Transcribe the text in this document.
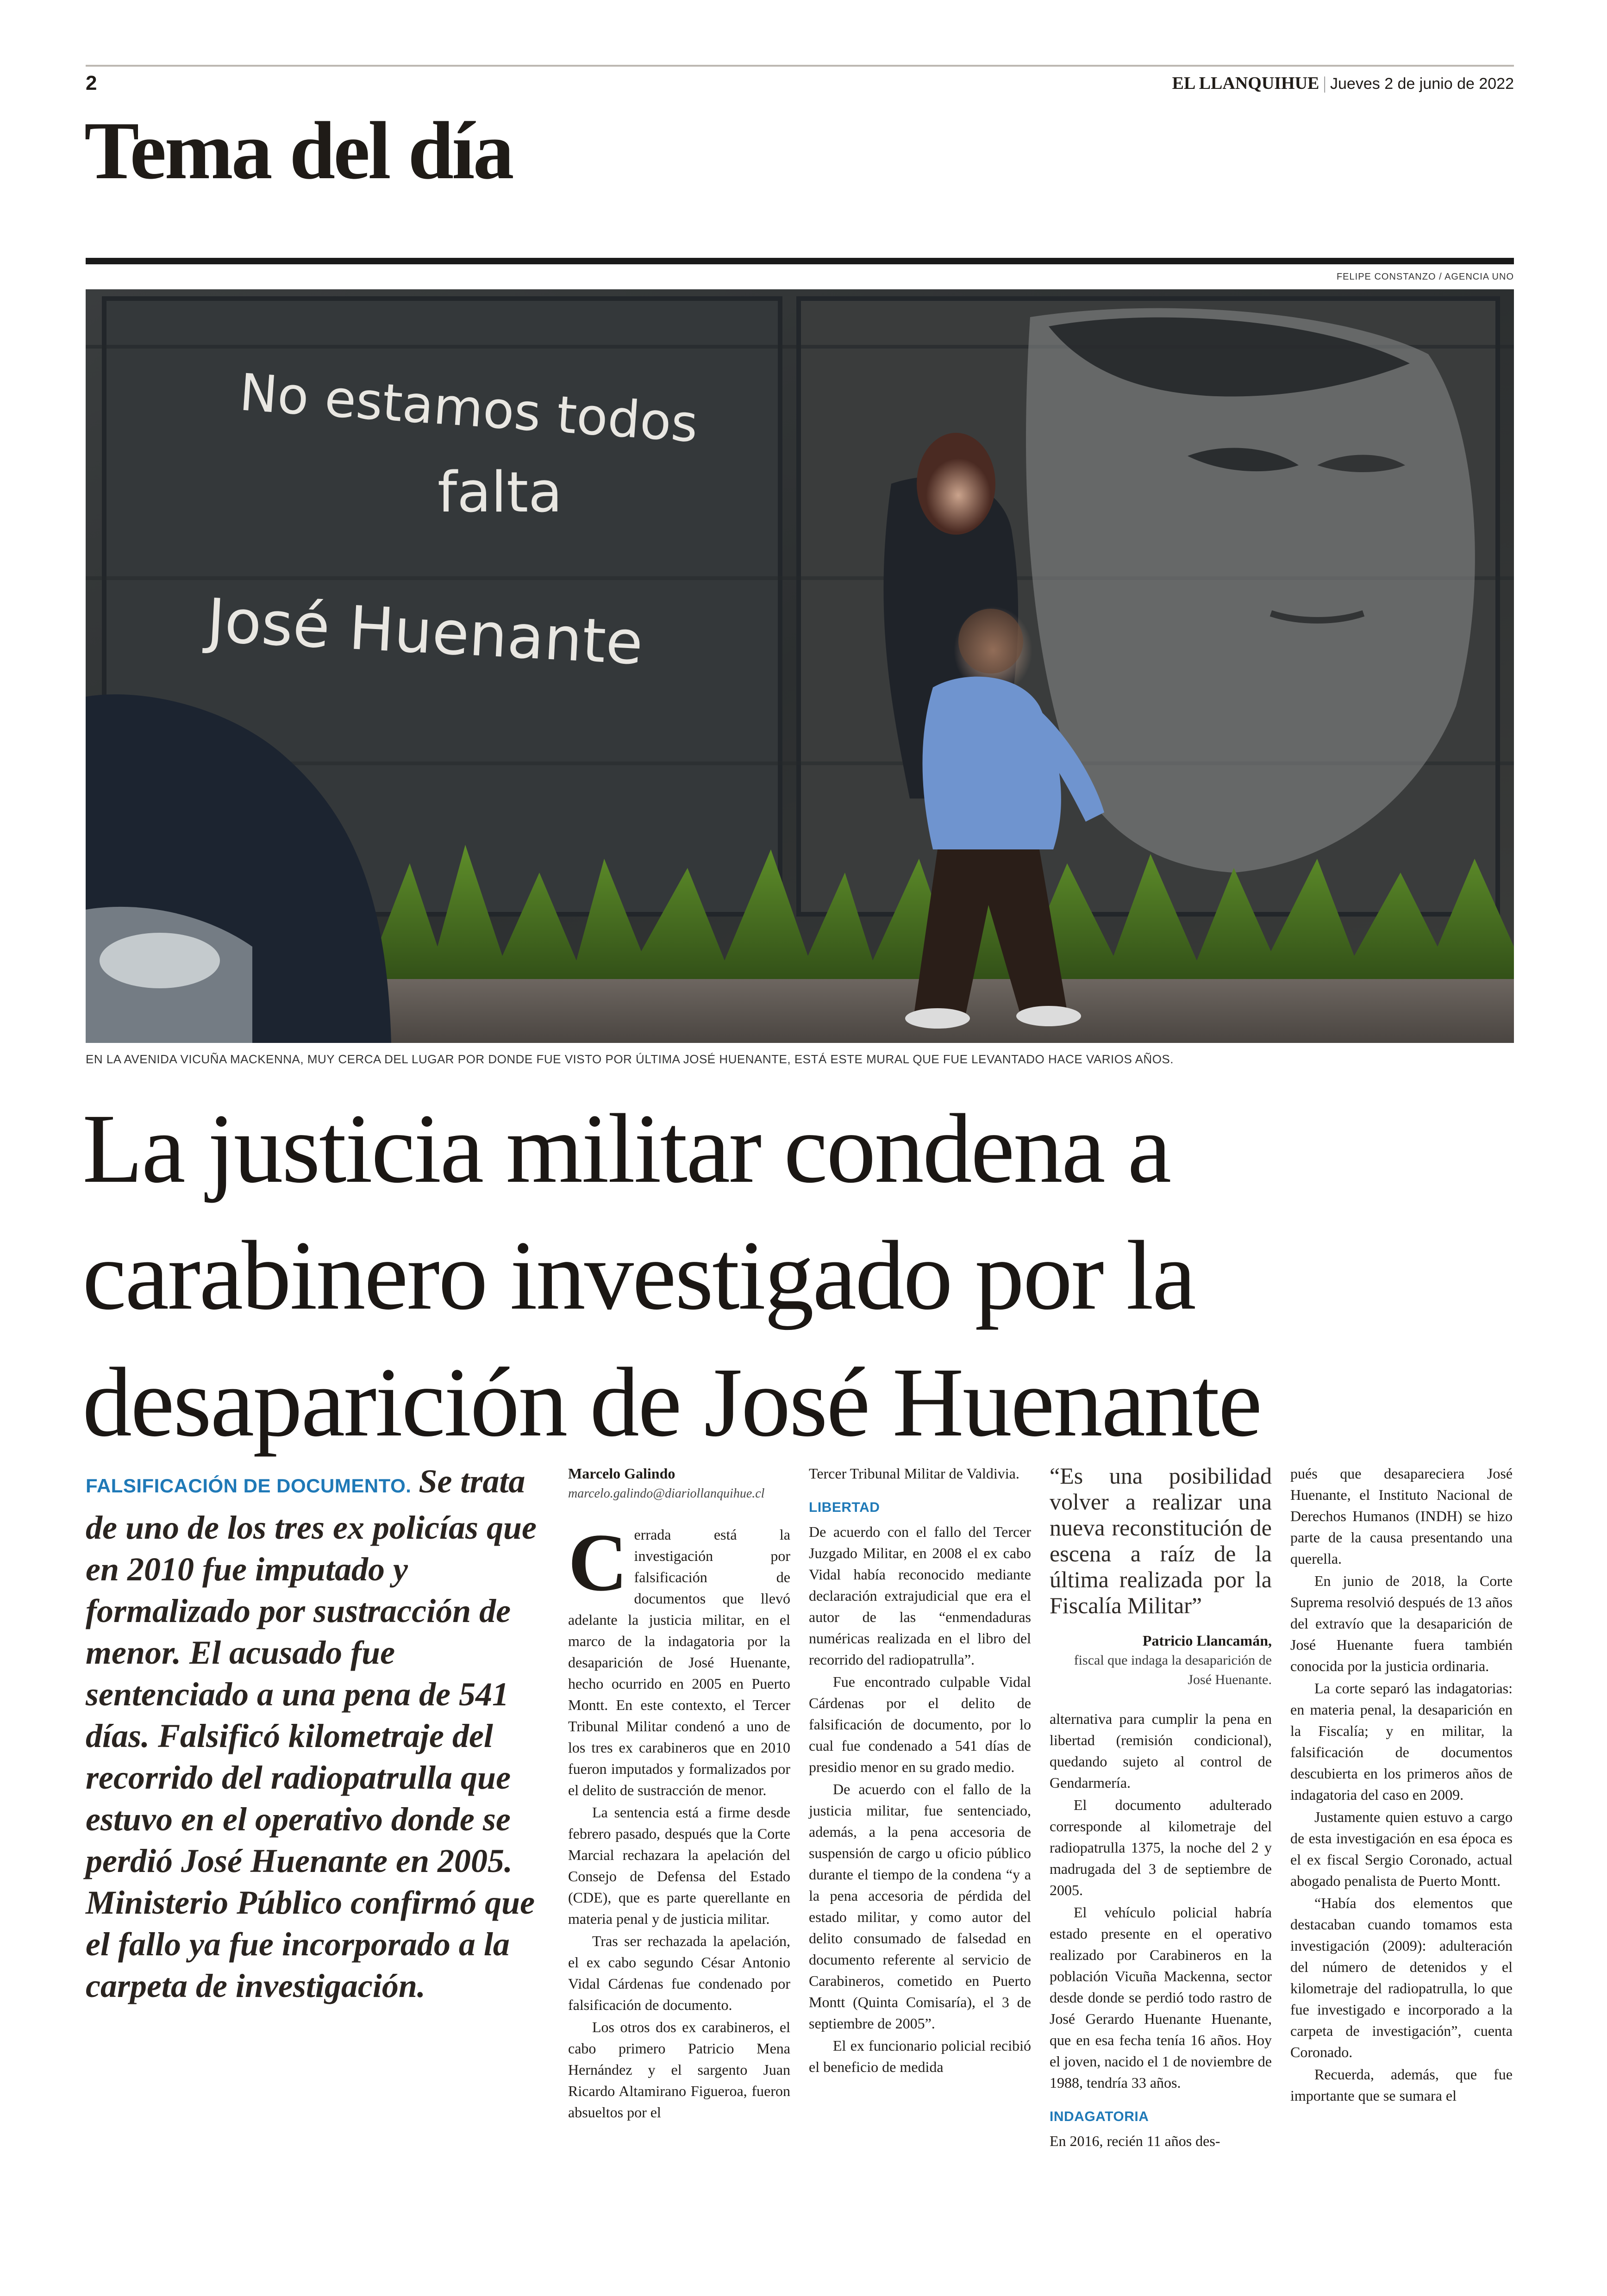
2	EL LLANQUIHUE | Jueves 2 de junio de 2022
Tema del día
FELIPE CONSTANZO / AGENCIA UNO
No estamos todos
falta
José Huenante
EN LA AVENIDA VICUÑA MACKENNA, MUY CERCA DEL LUGAR POR DONDE FUE VISTO POR ÚLTIMA JOSÉ HUENANTE, ESTÁ ESTE MURAL QUE FUE LEVANTADO HACE VARIOS AÑOS.
La justicia militar condena a
carabinero investigado por la
desaparición de José Huenante
FALSIFICACIÓN DE DOCUMENTO. Se trata de uno de los tres ex policías que en 2010 fue imputado y formalizado por sustracción de menor. El acusado fue sentenciado a una pena de 541 días. Falsificó kilometraje del recorrido del radiopatrulla que estuvo en el operativo donde se perdió José Huenante en 2005. Ministerio Público confirmó que el fallo ya fue incorporado a la carpeta de investigación.
Marcelo Galindo
marcelo.galindo@diariollanquihue.cl

Cerrada está la investigación por falsificación de documentos que llevó adelante la justicia militar, en el marco de la indagatoria por la desaparición de José Huenante, hecho ocurrido en 2005 en Puerto Montt. En este contexto, el Tercer Tribunal Militar condenó a uno de los tres ex carabineros que en 2010 fueron imputados y formalizados por el delito de sustracción de menor.

La sentencia está a firme desde febrero pasado, después que la Corte Marcial rechazara la apelación del Consejo de Defensa del Estado (CDE), que es parte querellante en materia penal y de justicia militar.

Tras ser rechazada la apelación, el ex cabo segundo César Antonio Vidal Cárdenas fue condenado por falsificación de documento.

Los otros dos ex carabineros, el cabo primero Patricio Mena Hernández y el sargento Juan Ricardo Altamirano Figueroa, fueron absueltos por el

Tercer Tribunal Militar de Valdivia.

LIBERTAD

De acuerdo con el fallo del Tercer Juzgado Militar, en 2008 el ex cabo Vidal había reconocido mediante declaración extrajudicial que era el autor de las “enmendaduras numéricas realizada en el libro del recorrido del radiopatrulla”.

Fue encontrado culpable Vidal Cárdenas por el delito de falsificación de documento, por lo cual fue condenado a 541 días de presidio menor en su grado medio.

De acuerdo con el fallo de la justicia militar, fue sentenciado, además, a la pena accesoria de suspensión de cargo u oficio público durante el tiempo de la condena “y a la pena accesoria de pérdida del estado militar, y como autor del delito consumado de falsedad en documento referente al servicio de Carabineros, cometido en Puerto Montt (Quinta Comisaría), el 3 de septiembre de 2005”.

El ex funcionario policial recibió el beneficio de medida

“Es una posibilidad volver a realizar una nueva reconstitución de escena a raíz de la última realizada por la Fiscalía Militar”
Patricio Llancamán,
fiscal que indaga la desaparición de José Huenante.

alternativa para cumplir la pena en libertad (remisión condicional), quedando sujeto al control de Gendarmería.

El documento adulterado corresponde al kilometraje del radiopatrulla 1375, la noche del 2 y madrugada del 3 de septiembre de 2005.

El vehículo policial habría estado presente en el operativo realizado por Carabineros en la población Vicuña Mackenna, sector desde donde se perdió todo rastro de José Gerardo Huenante Huenante, que en esa fecha tenía 16 años. Hoy el joven, nacido el 1 de noviembre de 1988, tendría 33 años.

INDAGATORIA

En 2016, recién 11 años des-

pués que desapareciera José Huenante, el Instituto Nacional de Derechos Humanos (INDH) se hizo parte de la causa presentando una querella.

En junio de 2018, la Corte Suprema resolvió después de 13 años del extravío que la desaparición de José Huenante fuera también conocida por la justicia ordinaria.

La corte separó las indagatorias: en materia penal, la desaparición en la Fiscalía; y en militar, la falsificación de documentos descubierta en los primeros años de indagatoria del caso en 2009.

Justamente quien estuvo a cargo de esta investigación en esa época es el ex fiscal Sergio Coronado, actual abogado penalista de Puerto Montt.

“Había dos elementos que destacaban cuando tomamos esta investigación (2009): adulteración del número de detenidos y el kilometraje del radiopatrulla, lo que fue investigado e incorporado a la carpeta de investigación”, cuenta Coronado.

Recuerda, además, que fue importante que se sumara el
